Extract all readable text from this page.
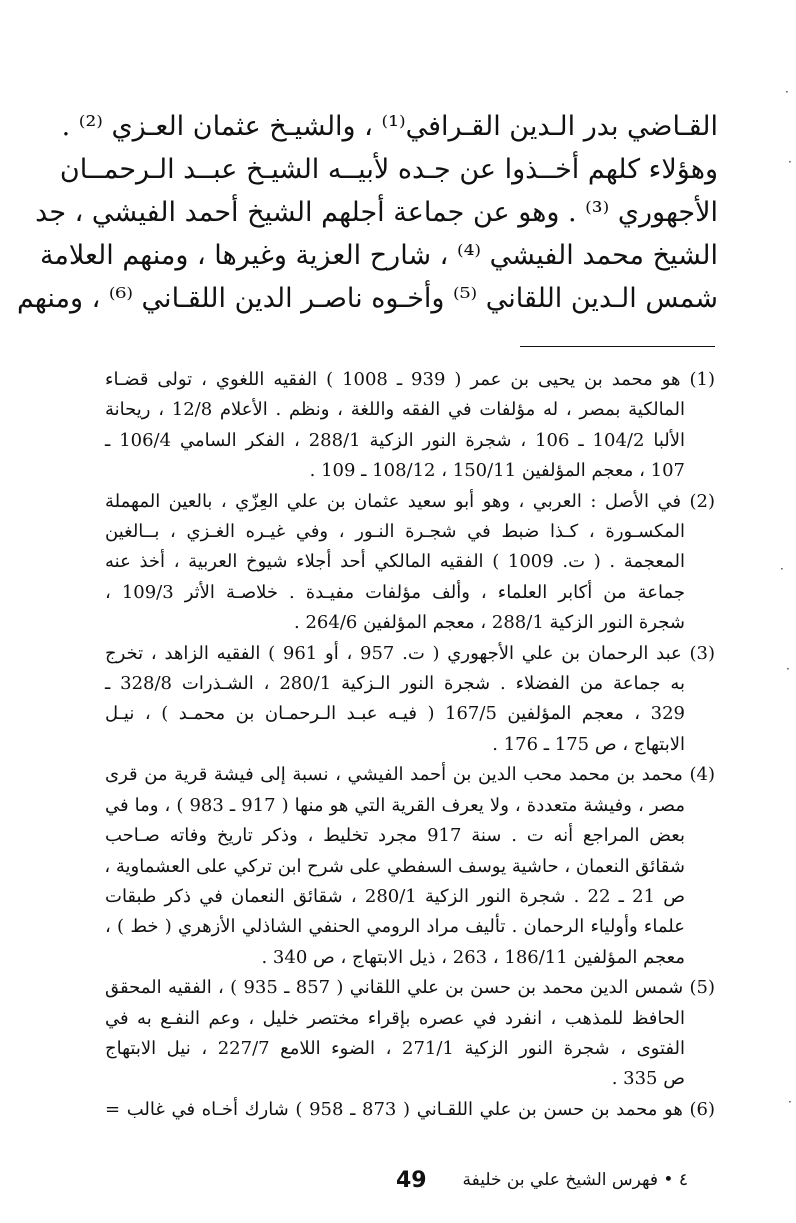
القـاضي بدر الـدين القـرافي⁽¹⁾ ، والشيـخ عثمان العـزي ⁽²⁾ .
وهؤلاء كلهم أخــذوا عن جـده لأبيــه الشيـخ عبــد الـرحمــان
الأجهوري ⁽³⁾ . وهو عن جماعة أجلهم الشيخ أحمد الفيشي ، جد
الشيخ محمد الفيشي ⁽⁴⁾ ، شارح العزية وغيرها ، ومنهم العلامة
شمس الـدين اللقاني ⁽⁵⁾ وأخـوه ناصـر الدين اللقـاني ⁽⁶⁾ ، ومنهم
(1) هو محمد بن يحيى بن عمر ( 939 ـ 1008 ) الفقيه اللغوي ، تولى قضـاء
المالكية بمصر ، له مؤلفات في الفقه واللغة ، ونظم . الأعلام 12/8 ، ريحانة
الألبا 104/2 ـ 106 ، شجرة النور الزكية 288/1 ، الفكر السامي 106/4 ـ
107 ، معجم المؤلفين 150/11 ، 108/12 ـ 109 .
(2) في الأصل : العربي ، وهو أبو سعيد عثمان بن علي العِزّي ، بالعين المهملة
المكسـورة ، كـذا ضبط في شجـرة النـور ، وفي غيـره الغـزي ، بــالغين
المعجمة . ( ت. 1009 ) الفقيه المالكي أحد أجلاء شيوخ العربية ، أخذ عنه
جماعة من أكابر العلماء ، وألف مؤلفات مفيـدة . خلاصـة الأثر 109/3 ،
شجرة النور الزكية 288/1 ، معجم المؤلفين 264/6 .
(3) عبد الرحمان بن علي الأجهوري ( ت. 957 ، أو 961 ) الفقيه الزاهد ، تخرج
به جماعة من الفضلاء . شجرة النور الـزكية 280/1 ، الشـذرات 328/8 ـ
329 ، معجم المؤلفين 167/5 ( فيـه عبـد الـرحمـان بن محمـد ) ، نيـل
الابتهاج ، ص 175 ـ 176 .
(4) محمد بن محمد محب الدين بن أحمد الفيشي ، نسبة إلى فيشة قرية من قرى
مصر ، وفيشة متعددة ، ولا يعرف القرية التي هو منها ( 917 ـ 983 ) ، وما في
بعض المراجع أنه ت . سنة 917 مجرد تخليط ، وذكر تاريخ وفاته صـاحب
شقائق النعمان ، حاشية يوسف السفطي على شرح ابن تركي على العشماوية ،
ص 21 ـ 22 . شجرة النور الزكية 280/1 ، شقائق النعمان في ذكر طبقات
علماء وأولياء الرحمان . تأليف مراد الرومي الحنفي الشاذلي الأزهري ( خط ) ،
معجم المؤلفين 186/11 ، 263 ، ذيل الابتهاج ، ص 340 .
(5) شمس الدين محمد بن حسن بن علي اللقاني ( 857 ـ 935 ) ، الفقيه المحقق
الحافظ للمذهب ، انفرد في عصره بإقراء مختصر خليل ، وعم النفـع به في
الفتوى ، شجرة النور الزكية 271/1 ، الضوء اللامع 227/7 ، نيل الابتهاج
ص 335 .
(6) هو محمد بن حسن بن علي اللقـاني ( 873 ـ 958 ) شارك أخـاه في غالب =
49 ٤ • فهرس الشيخ علي بن خليفة
·
·
·
·
·
